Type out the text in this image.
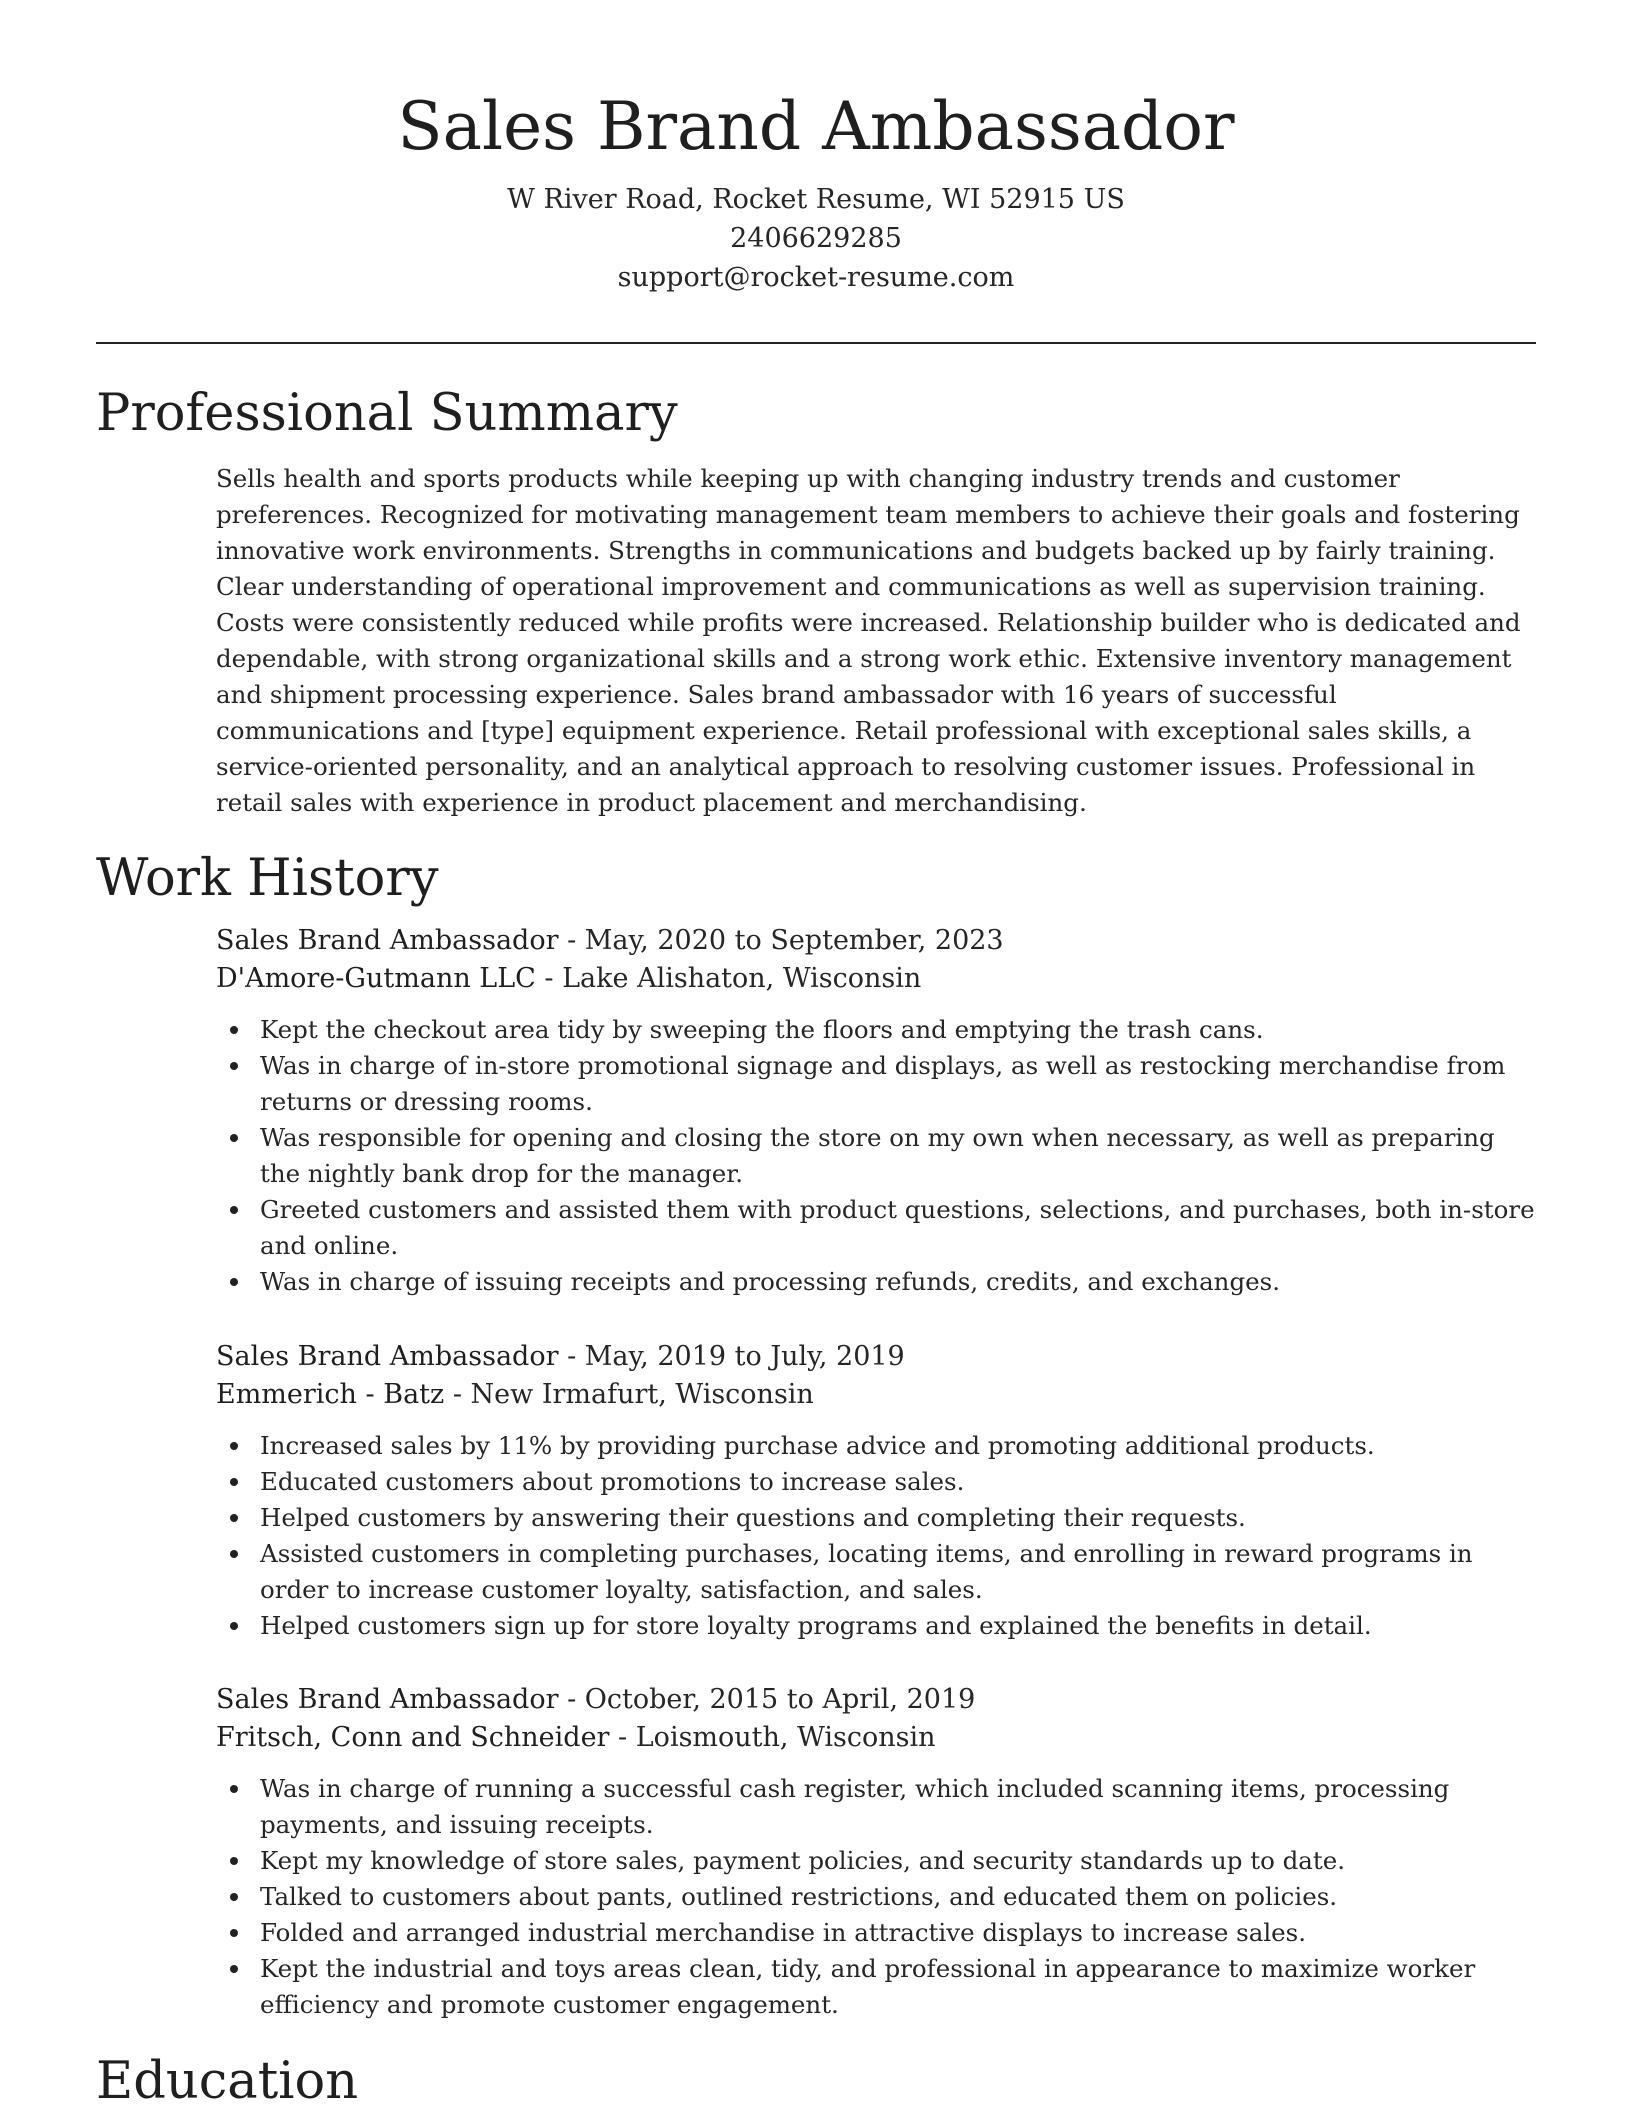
Sales Brand Ambassador
W River Road, Rocket Resume, WI 52915 US
2406629285
support@rocket-resume.com
Professional Summary

Sells health and sports products while keeping up with changing industry trends and customer preferences. Recognized for motivating management team members to achieve their goals and fostering innovative work environments. Strengths in communications and budgets backed up by fairly training. Clear understanding of operational improvement and communications as well as supervision training. Costs were consistently reduced while profits were increased. Relationship builder who is dedicated and dependable, with strong organizational skills and a strong work ethic. Extensive inventory management and shipment processing experience. Sales brand ambassador with 16 years of successful communications and [type] equipment experience. Retail professional with exceptional sales skills, a service-oriented personality, and an analytical approach to resolving customer issues. Professional in retail sales with experience in product placement and merchandising.

Work History
Sales Brand Ambassador - May, 2020 to September, 2023
D'Amore-Gutmann LLC - Lake Alishaton, Wisconsin
Kept the checkout area tidy by sweeping the floors and emptying the trash cans.
Was in charge of in-store promotional signage and displays, as well as restocking merchandise from returns or dressing rooms.
Was responsible for opening and closing the store on my own when necessary, as well as preparing the nightly bank drop for the manager.
Greeted customers and assisted them with product questions, selections, and purchases, both in-store and online.
Was in charge of issuing receipts and processing refunds, credits, and exchanges.
Sales Brand Ambassador - May, 2019 to July, 2019
Emmerich - Batz - New Irmafurt, Wisconsin
Increased sales by 11% by providing purchase advice and promoting additional products.
Educated customers about promotions to increase sales.
Helped customers by answering their questions and completing their requests.
Assisted customers in completing purchases, locating items, and enrolling in reward programs in order to increase customer loyalty, satisfaction, and sales.
Helped customers sign up for store loyalty programs and explained the benefits in detail.
Sales Brand Ambassador - October, 2015 to April, 2019
Fritsch, Conn and Schneider - Loismouth, Wisconsin
Was in charge of running a successful cash register, which included scanning items, processing payments, and issuing receipts.
Kept my knowledge of store sales, payment policies, and security standards up to date.
Talked to customers about pants, outlined restrictions, and educated them on policies.
Folded and arranged industrial merchandise in attractive displays to increase sales.
Kept the industrial and toys areas clean, tidy, and professional in appearance to maximize worker efficiency and promote customer engagement.
Education
